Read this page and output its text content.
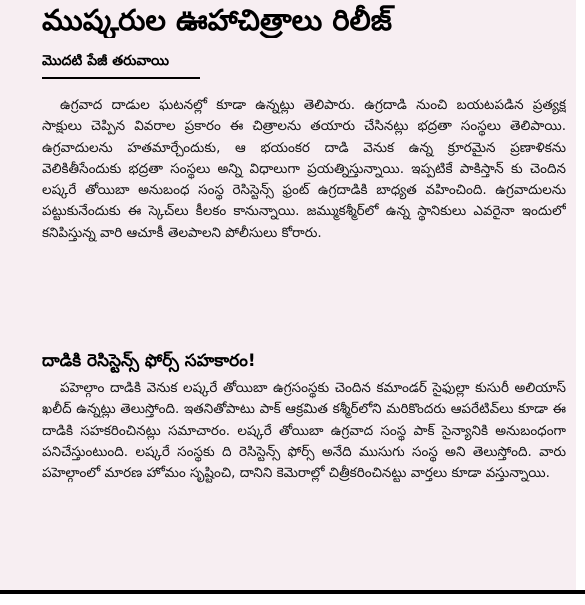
ముష్కరుల ఊహాచిత్రాలు రిలీజ్
మొదటి పేజీ తరువాయి

ఉగ్రవాద దాడుల ఘటనల్లో కూడా ఉన్నట్లు తెలిపారు. ఉగ్రదాడి నుంచి బయటపడిన ప్రత్యక్ష సాక్షులు చెప్పిన వివరాల ప్రకారం ఈ చిత్రాలను తయారు చేసినట్లు భద్రతా సంస్థలు తెలిపాయి. ఉగ్రవాదులను హతమార్చేందుకు, ఆ భయంకర దాడి వెనుక ఉన్న క్రూరమైన ప్రణాళికను వెలికితీసేందుకు భద్రతా సంస్థలు అన్ని విధాలుగా ప్రయత్నిస్తున్నాయి. ఇప్పటికే పాకిస్తాన్ కు చెందిన లష్కరే తోయిబా అనుబంధ సంస్థ రెసిస్టెన్స్ ఫ్రంట్ ఉగ్రదాడికి బాధ్యత వహించింది. ఉగ్రవాదులను పట్టుకునేందుకు ఈ స్కెచ్‌లు కీలకం కానున్నాయి. జమ్ముకశ్మీర్‌లో ఉన్న స్థానికులు ఎవరైనా ఇందులో కనిపిస్తున్న వారి ఆచూకీ తెలపాలని పోలీసులు కోరారు.

దాడికి రెసిస్టెన్స్ ఫోర్స్ సహకారం!

పహెల్గాం దాడికి వెనుక లష్కరే తోయిబా ఉగ్రసంస్థకు చెందిన కమాండర్ సైఫుల్లా కుసురీ అలియాస్ ఖలీద్ ఉన్నట్లు తెలుస్తోంది. ఇతనితోపాటు పాక్ ఆక్రమిత కశ్మీర్‌లోని మరికొందరు ఆపరేటివ్‌లు కూడా ఈ దాడికి సహకరించినట్లు సమాచారం. లష్కరే తోయిబా ఉగ్రవాద సంస్థ పాక్ సైన్యానికి అనుబంధంగా పనిచేస్తుంటుంది. లష్కరే సంస్థకు ది రెసిస్టెన్స్ ఫోర్స్ అనేది ముసుగు సంస్థ అని తెలుస్తోంది. వారు పహెల్గాంలో మారణ హోమం సృష్టించి, దానిని కెమెరాల్లో చిత్రీకరించినట్టు వార్తలు కూడా వస్తున్నాయి.
